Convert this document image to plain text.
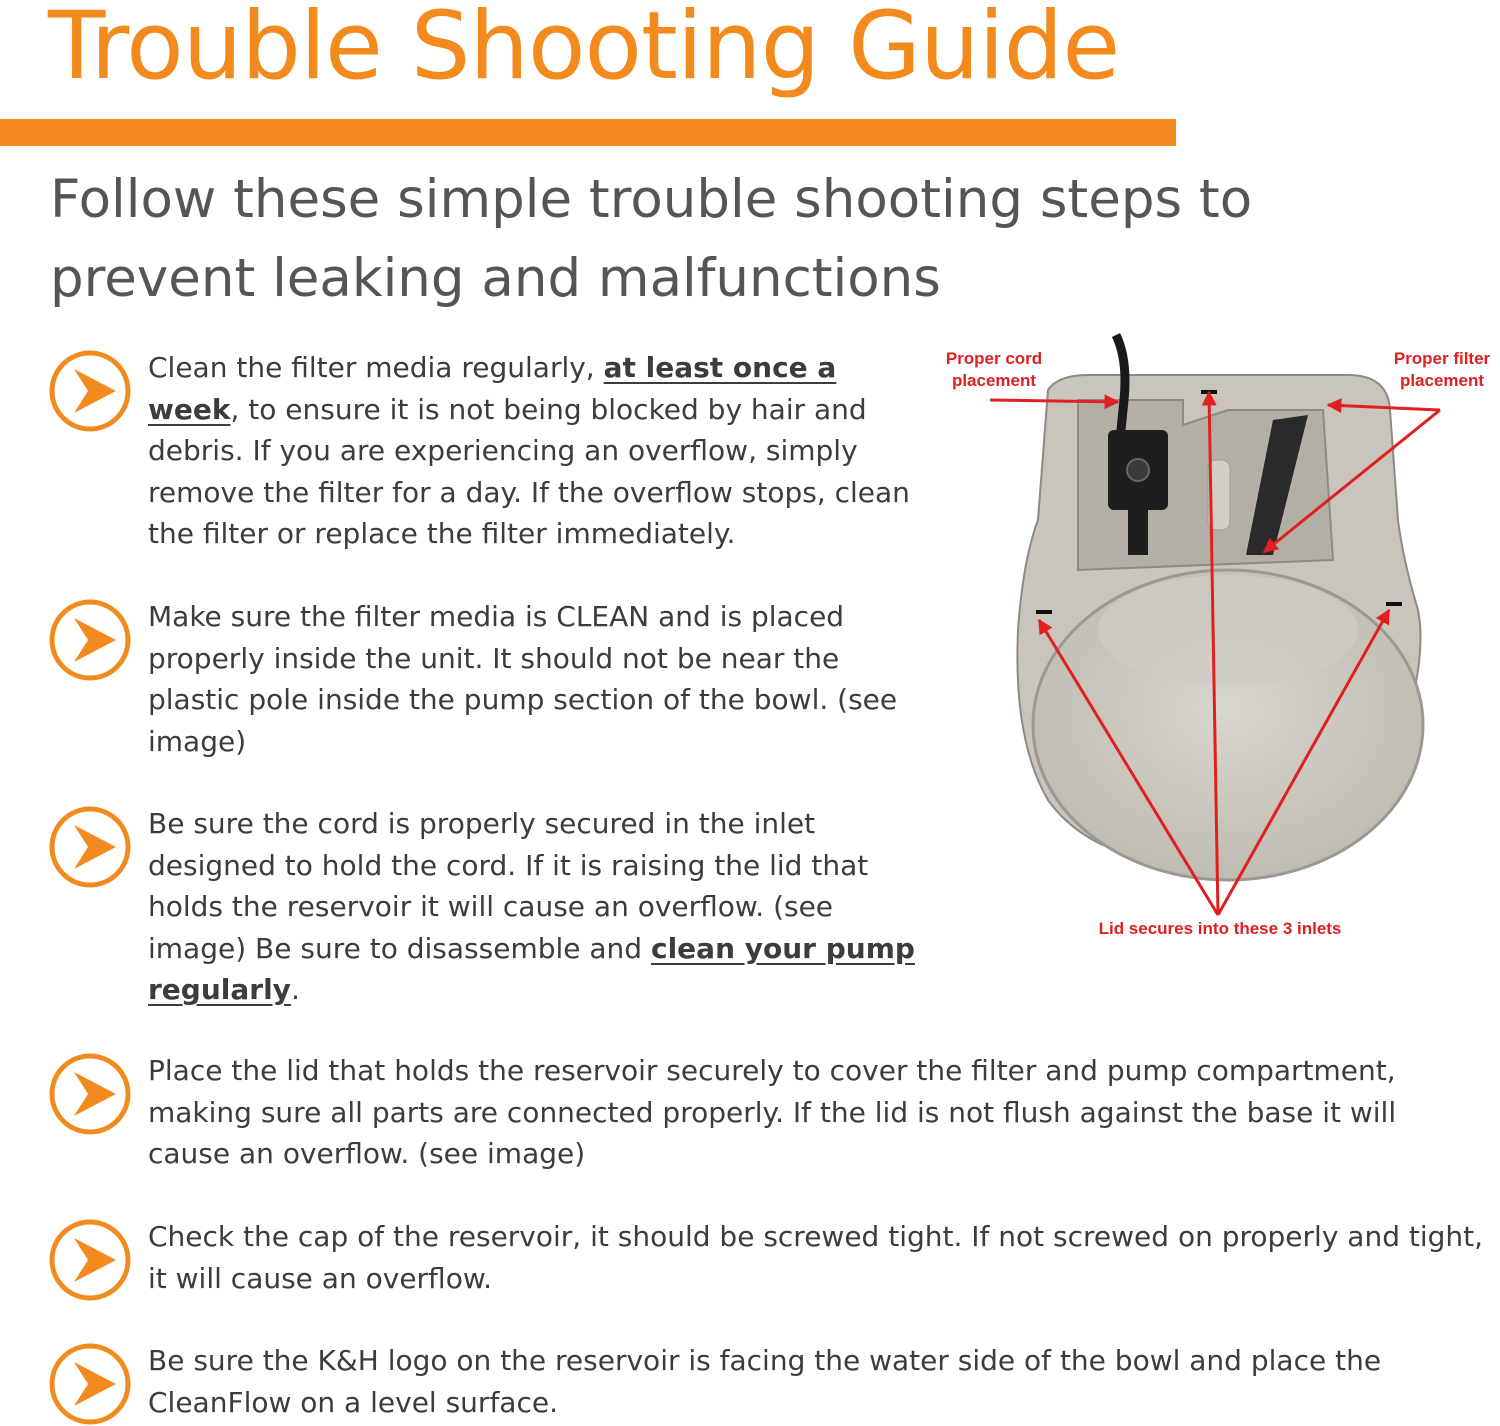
Trouble Shooting Guide
Follow these simple trouble shooting steps to prevent leaking and malfunctions
Clean the filter media regularly, at least once a week, to ensure it is not being blocked by hair and debris. If you are experiencing an overflow, simply remove the filter for a day. If the overflow stops, clean the filter or replace the filter immediately.
Make sure the filter media is CLEAN and is placed properly inside the unit. It should not be near the plastic pole inside the pump section of the bowl. (see image)
Be sure the cord is properly secured in the inlet designed to hold the cord. If it is raising the lid that holds the reservoir it will cause an overflow. (see image) Be sure to disassemble and clean your pump regularly.
Place the lid that holds the reservoir securely to cover the filter and pump compartment, making sure all parts are connected properly. If the lid is not flush against the base it will cause an overflow. (see image)
Check the cap of the reservoir, it should be screwed tight. If not screwed on properly and tight, it will cause an overflow.
Be sure the K&H logo on the reservoir is facing the water side of the bowl and place the CleanFlow on a level surface.
Proper cord
placement
Proper filter
placement
Lid secures into these 3 inlets
